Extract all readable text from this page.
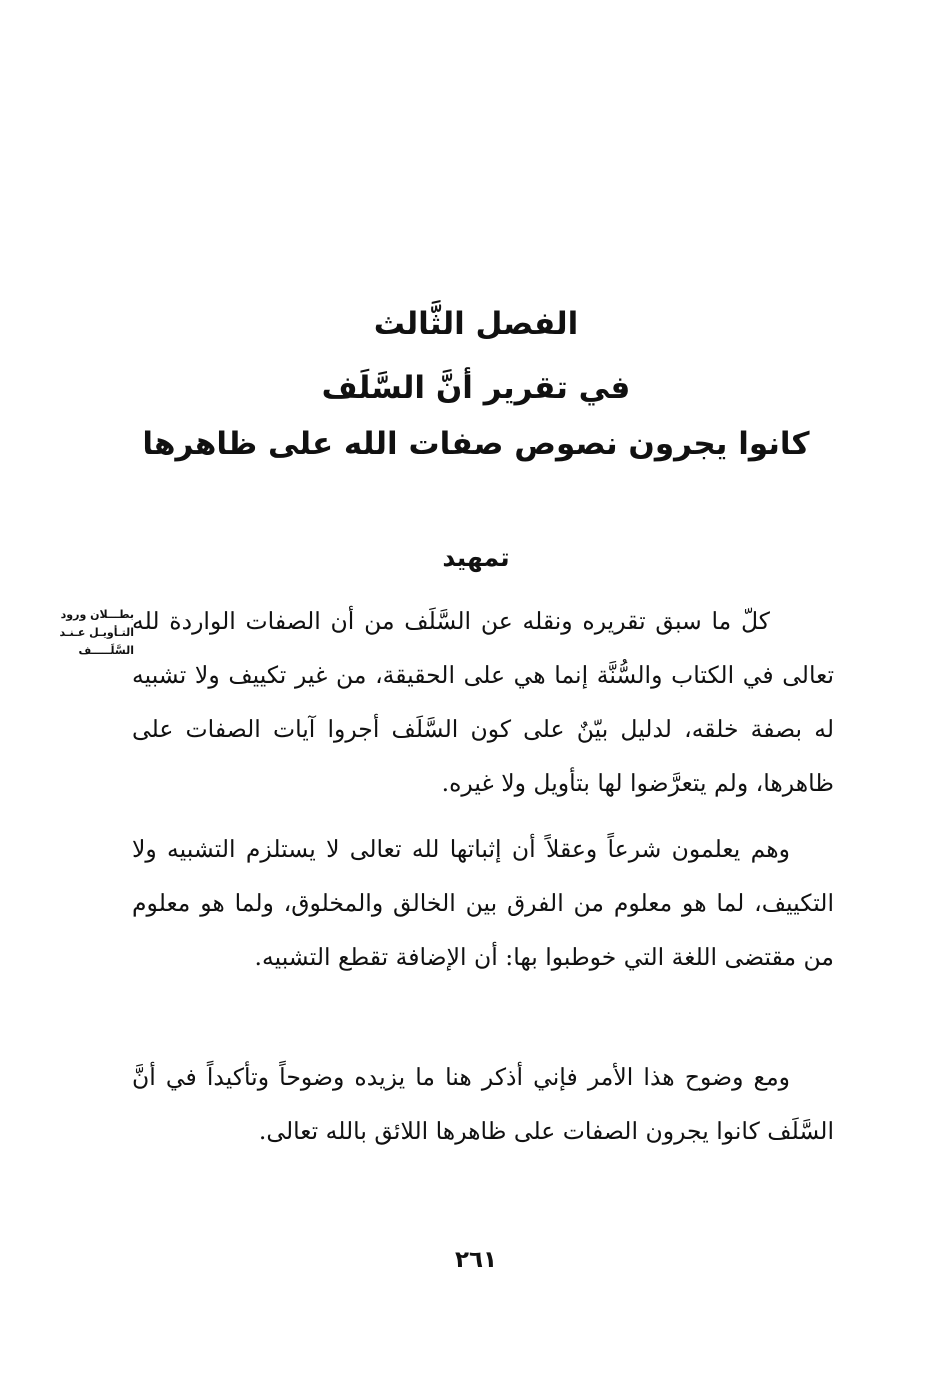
الفصل الثَّالث
في تقرير أنَّ السَّلَف
كانوا يجرون نصوص صفات الله على ظاهرها
تمهيد
بطـــلان ورود التـأويـل عـنـد السَّلَـــــف

كلّ ما سبق تقريره ونقله عن السَّلَف من أن الصفات الواردة لله تعالى في الكتاب والسُّنَّة إنما هي على الحقيقة، من غير تكييف ولا تشبيه له بصفة خلقه، لدليل بيّنٌ على كون السَّلَف أجروا آيات الصفات على ظاهرها، ولم يتعرَّضوا لها بتأويل ولا غيره.

وهم يعلمون شرعاً وعقلاً أن إثباتها لله تعالى لا يستلزم التشبيه ولا التكييف، لما هو معلوم من الفرق بين الخالق والمخلوق، ولما هو معلوم من مقتضى اللغة التي خوطبوا بها: أن الإضافة تقطع التشبيه.

ومع وضوح هذا الأمر فإني أذكر هنا ما يزيده وضوحاً وتأكيداً في أنَّ السَّلَف كانوا يجرون الصفات على ظاهرها اللائق بالله تعالى.

٢٦١
